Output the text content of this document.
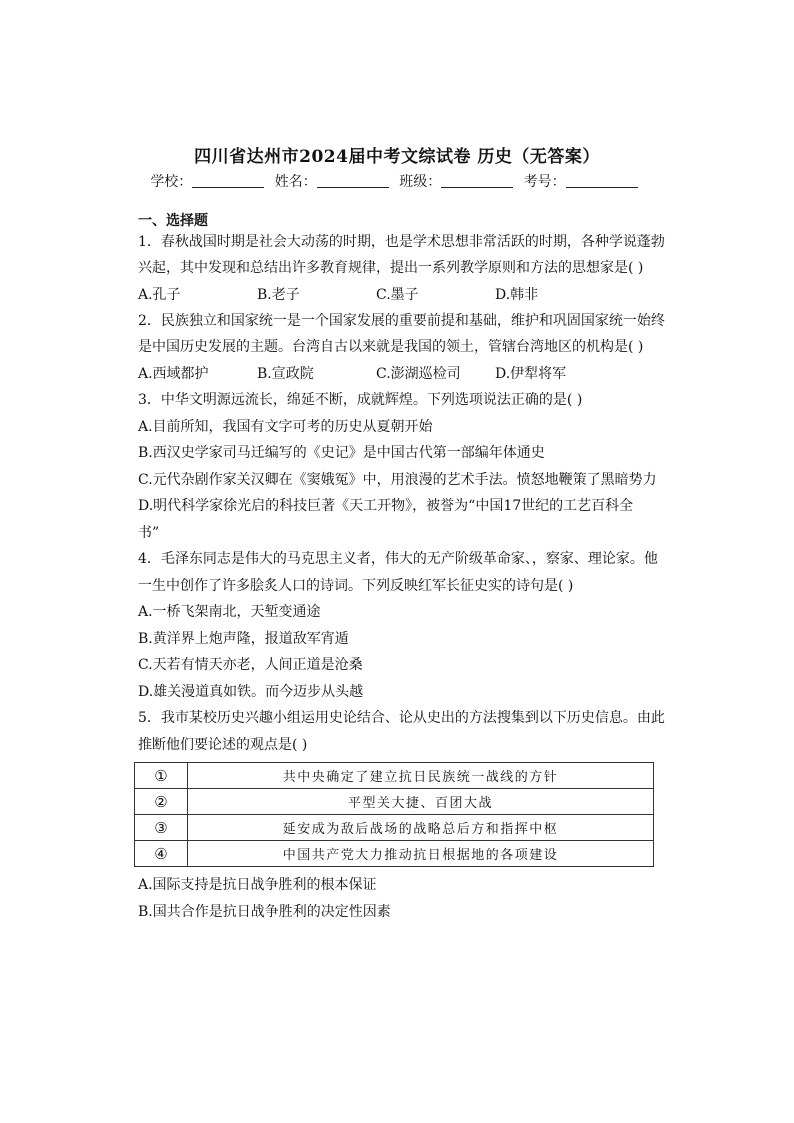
四川省达州市2024届中考文综试卷 历史（无答案）
学校：	姓名：	班级：	考号：
一、选择题
1．春秋战国时期是社会大动荡的时期，也是学术思想非常活跃的时期，各种学说蓬勃
兴起，其中发现和总结出许多教育规律，提出一系列教学原则和方法的思想家是( )
A.孔子	B.老子	C.墨子	D.韩非
2．民族独立和国家统一是一个国家发展的重要前提和基础，维护和巩固国家统一始终
是中国历史发展的主题。台湾自古以来就是我国的领土，管辖台湾地区的机构是( )
A.西域都护	B.宣政院	C.澎湖巡检司 D.伊犁将军
3．中华文明源远流长，绵延不断，成就辉煌。下列选项说法正确的是( )
A.目前所知，我国有文字可考的历史从夏朝开始
B.西汉史学家司马迁编写的《史记》是中国古代第一部编年体通史
C.元代杂剧作家关汉卿在《窦娥冤》中，用浪漫的艺术手法。愤怒地鞭策了黑暗势力
D.明代科学家徐光启的科技巨著《天工开物》，被誉为“中国17世纪的工艺百科全
书”
4．毛泽东同志是伟大的马克思主义者，伟大的无产阶级革命家、，察家、理论家。他
一生中创作了许多脍炙人口的诗词。下列反映红军长征史实的诗句是( )
A.一桥飞架南北，天堑变通途
B.黄洋界上炮声隆，报道敌军宵遁
C.天若有情天亦老，人间正道是沧桑
D.雄关漫道真如铁。而今迈步从头越
5．我市某校历史兴趣小组运用史论结合、论从史出的方法搜集到以下历史信息。由此
推断他们要论述的观点是( )
①	共中央确定了建立抗日民族统一战线的方针
②	平型关大捷、百团大战
③	延安成为敌后战场的战略总后方和指挥中枢
④	中国共产党大力推动抗日根据地的各项建设
A.国际支持是抗日战争胜利的根本保证
B.国共合作是抗日战争胜利的决定性因素
